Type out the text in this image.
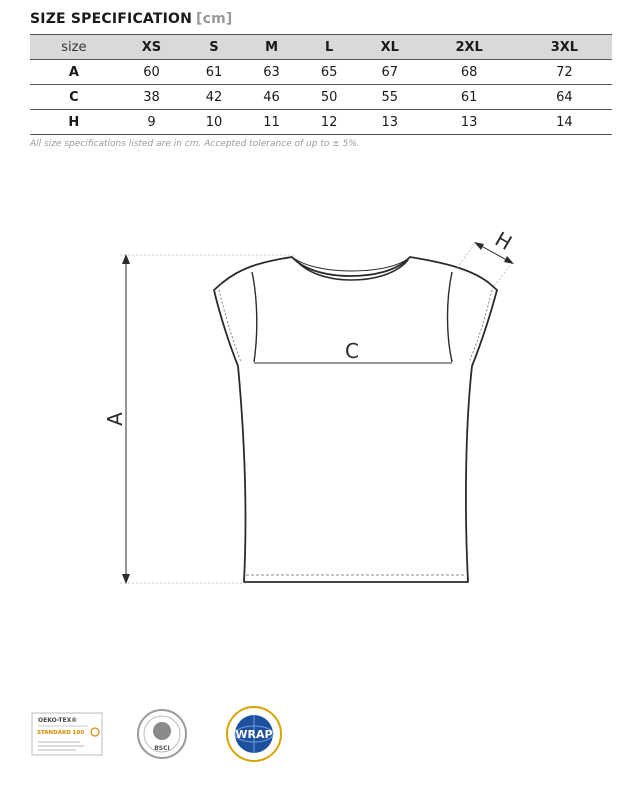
SIZE SPECIFICATION [cm]
size	XS	S	M	L	XL	2XL	3XL
A	60	61	63	65	67	68	72
C	38	42	46	50	55	61	64
H	9	10	11	12	13	13	14
All size specifications listed are in cm. Accepted tolerance of up to ± 5%.
C
A
H
OEKO-TEX®
STANDARD 100
BSCI
WRAP
